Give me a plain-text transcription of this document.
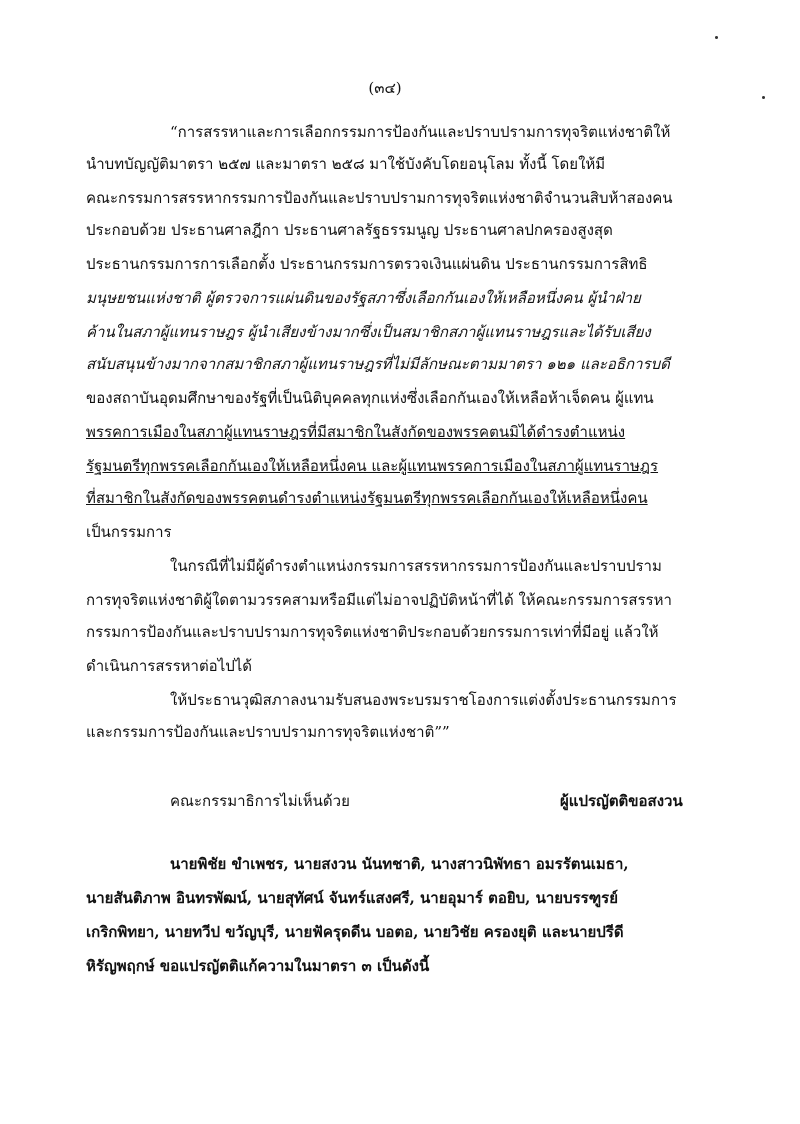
(๓๔)
“การสรรหาและการเลือกกรรมการป้องกันและปราบปรามการทุจริตแห่งชาติให้
นำบทบัญญัติมาตรา ๒๕๗ และมาตรา ๒๕๘ มาใช้บังคับโดยอนุโลม ทั้งนี้ โดยให้มี
คณะกรรมการสรรหากรรมการป้องกันและปราบปรามการทุจริตแห่งชาติจำนวนสิบห้าสองคน
ประกอบด้วย ประธานศาลฎีกา ประธานศาลรัฐธรรมนูญ ประธานศาลปกครองสูงสุด
ประธานกรรมการการเลือกตั้ง ประธานกรรมการตรวจเงินแผ่นดิน ประธานกรรมการสิทธิ
มนุษยชนแห่งชาติ ผู้ตรวจการแผ่นดินของรัฐสภาซึ่งเลือกกันเองให้เหลือหนึ่งคน ผู้นำฝ่าย
ค้านในสภาผู้แทนราษฎร ผู้นำเสียงข้างมากซึ่งเป็นสมาชิกสภาผู้แทนราษฎรและได้รับเสียง
สนับสนุนข้างมากจากสมาชิกสภาผู้แทนราษฎรที่ไม่มีลักษณะตามมาตรา ๑๒๑ และอธิการบดี
ของสถาบันอุดมศึกษาของรัฐที่เป็นนิติบุคคลทุกแห่งซึ่งเลือกกันเองให้เหลือห้าเจ็ดคน ผู้แทน
พรรคการเมืองในสภาผู้แทนราษฎรที่มีสมาชิกในสังกัดของพรรคตนมิได้ดำรงตำแหน่ง
รัฐมนตรีทุกพรรคเลือกกันเองให้เหลือหนึ่งคน และผู้แทนพรรคการเมืองในสภาผู้แทนราษฎร
ที่สมาชิกในสังกัดของพรรคตนดำรงตำแหน่งรัฐมนตรีทุกพรรคเลือกกันเองให้เหลือหนึ่งคน
เป็นกรรมการ
ในกรณีที่ไม่มีผู้ดำรงตำแหน่งกรรมการสรรหากรรมการป้องกันและปราบปราม
การทุจริตแห่งชาติผู้ใดตามวรรคสามหรือมีแต่ไม่อาจปฏิบัติหน้าที่ได้ ให้คณะกรรมการสรรหา
กรรมการป้องกันและปราบปรามการทุจริตแห่งชาติประกอบด้วยกรรมการเท่าที่มีอยู่ แล้วให้
ดำเนินการสรรหาต่อไปได้
ให้ประธานวุฒิสภาลงนามรับสนองพระบรมราชโองการแต่งตั้งประธานกรรมการ
และกรรมการป้องกันและปราบปรามการทุจริตแห่งชาติ””
คณะกรรมาธิการไม่เห็นด้วย	ผู้แปรญัตติขอสงวน
นายพิชัย ขำเพชร, นายสงวน นันทชาติ, นางสาวนิพัทธา อมรรัตนเมธา,
นายสันติภาพ อินทรพัฒน์, นายสุทัศน์ จันทร์แสงศรี, นายอุมาร์ ตอยิบ, นายบรรฑูรย์
เกริกพิทยา, นายทวีป ขวัญบุรี, นายฟัครุดดีน บอตอ, นายวิชัย ครองยุติ และนายปรีดี
หิรัญพฤกษ์ ขอแปรญัตติแก้ความในมาตรา ๓ เป็นดังนี้
